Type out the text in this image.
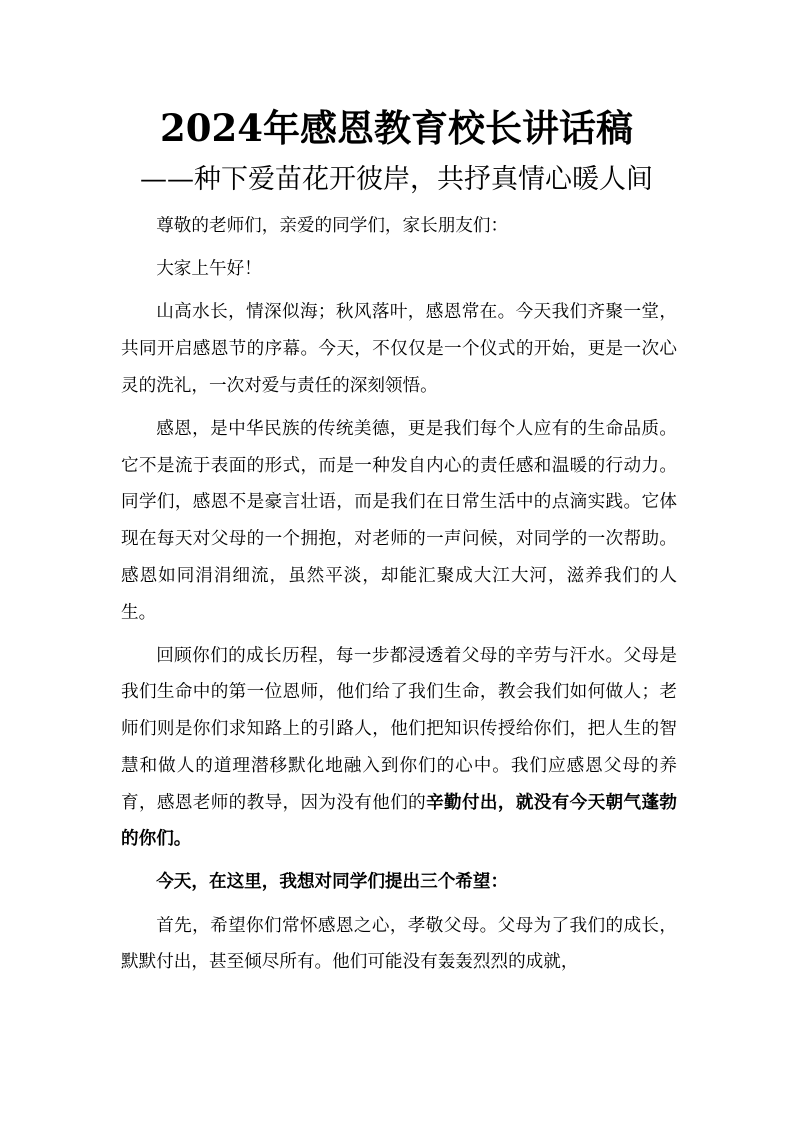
2024年感恩教育校长讲话稿
——种下爱苗花开彼岸，共抒真情心暖人间

尊敬的老师们，亲爱的同学们，家长朋友们：

大家上午好！

山高水长，情深似海；秋风落叶，感恩常在。今天我们齐聚一堂，共同开启感恩节的序幕。今天，不仅仅是一个仪式的开始，更是一次心灵的洗礼，一次对爱与责任的深刻领悟。

感恩，是中华民族的传统美德，更是我们每个人应有的生命品质。它不是流于表面的形式，而是一种发自内心的责任感和温暖的行动力。同学们，感恩不是豪言壮语，而是我们在日常生活中的点滴实践。它体现在每天对父母的一个拥抱，对老师的一声问候，对同学的一次帮助。感恩如同涓涓细流，虽然平淡，却能汇聚成大江大河，滋养我们的人生。

回顾你们的成长历程，每一步都浸透着父母的辛劳与汗水。父母是我们生命中的第一位恩师，他们给了我们生命，教会我们如何做人；老师们则是你们求知路上的引路人，他们把知识传授给你们，把人生的智慧和做人的道理潜移默化地融入到你们的心中。我们应感恩父母的养育，感恩老师的教导，因为没有他们的辛勤付出，就没有今天朝气蓬勃的你们。

今天，在这里，我想对同学们提出三个希望：

首先，希望你们常怀感恩之心，孝敬父母。父母为了我们的成长，默默付出，甚至倾尽所有。他们可能没有轰轰烈烈的成就，
